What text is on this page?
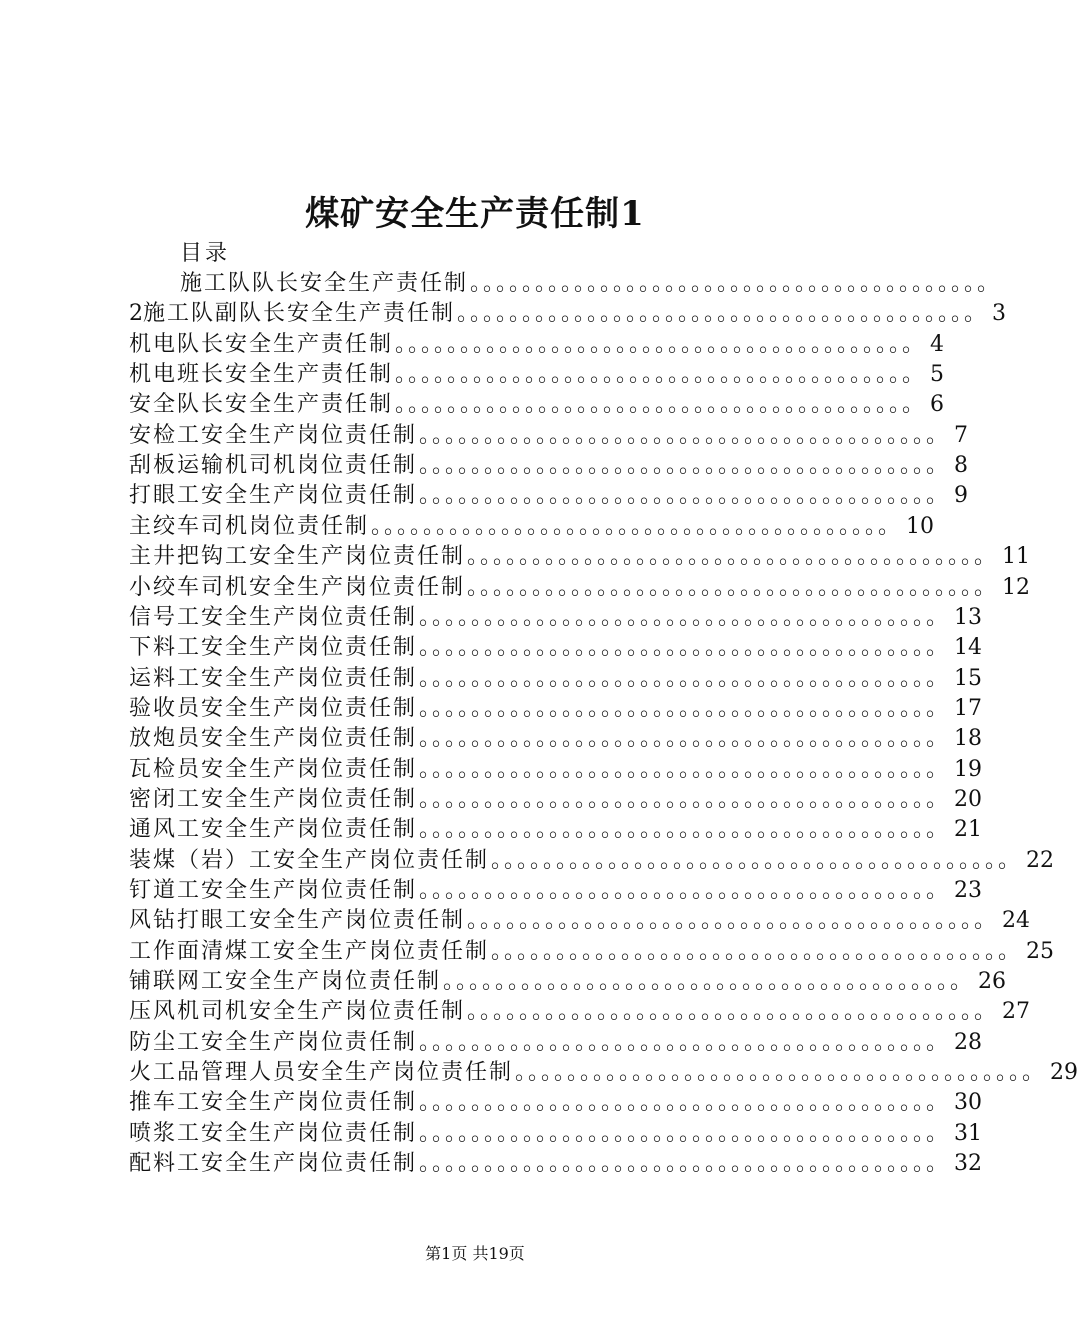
煤矿安全生产责任制1
目录
施工队队长安全生产责任制 。。。。。。。。。。。。。。。。。。。。。。。。。。。。。。。。。。。。。。。。
2 施工队副队长安全生产责任制 。。。。。。。。。。。。。。。。。。。。。。。。。。。。。。。。。。。。。。。。 3
机电队长安全生产责任制 。。。。。。。。。。。。。。。。。。。。。。。。。。。。。。。。。。。。。。。。 4
机电班长安全生产责任制 。。。。。。。。。。。。。。。。。。。。。。。。。。。。。。。。。。。。。。。。 5
安全队长安全生产责任制 。。。。。。。。。。。。。。。。。。。。。。。。。。。。。。。。。。。。。。。。 6
安检工安全生产岗位责任制 。。。。。。。。。。。。。。。。。。。。。。。。。。。。。。。。。。。。。。。。 7
刮板运输机司机岗位责任制 。。。。。。。。。。。。。。。。。。。。。。。。。。。。。。。。。。。。。。。。 8
打眼工安全生产岗位责任制 。。。。。。。。。。。。。。。。。。。。。。。。。。。。。。。。。。。。。。。。 9
主绞车司机岗位责任制 。。。。。。。。。。。。。。。。。。。。。。。。。。。。。。。。。。。。。。。。 10
主井把钩工安全生产岗位责任制 。。。。。。。。。。。。。。。。。。。。。。。。。。。。。。。。。。。。。。。。 11
小绞车司机安全生产岗位责任制 。。。。。。。。。。。。。。。。。。。。。。。。。。。。。。。。。。。。。。。。 12
信号工安全生产岗位责任制 。。。。。。。。。。。。。。。。。。。。。。。。。。。。。。。。。。。。。。。。 13
下料工安全生产岗位责任制 。。。。。。。。。。。。。。。。。。。。。。。。。。。。。。。。。。。。。。。。 14
运料工安全生产岗位责任制 。。。。。。。。。。。。。。。。。。。。。。。。。。。。。。。。。。。。。。。。 15
验收员安全生产岗位责任制 。。。。。。。。。。。。。。。。。。。。。。。。。。。。。。。。。。。。。。。。 17
放炮员安全生产岗位责任制 。。。。。。。。。。。。。。。。。。。。。。。。。。。。。。。。。。。。。。。。 18
瓦检员安全生产岗位责任制 。。。。。。。。。。。。。。。。。。。。。。。。。。。。。。。。。。。。。。。。 19
密闭工安全生产岗位责任制 。。。。。。。。。。。。。。。。。。。。。。。。。。。。。。。。。。。。。。。。 20
通风工安全生产岗位责任制 。。。。。。。。。。。。。。。。。。。。。。。。。。。。。。。。。。。。。。。。 21
装煤（岩）工安全生产岗位责任制 。。。。。。。。。。。。。。。。。。。。。。。。。。。。。。。。。。。。。。。。 22
钉道工安全生产岗位责任制 。。。。。。。。。。。。。。。。。。。。。。。。。。。。。。。。。。。。。。。。 23
风钻打眼工安全生产岗位责任制 。。。。。。。。。。。。。。。。。。。。。。。。。。。。。。。。。。。。。。。。 24
工作面清煤工安全生产岗位责任制 。。。。。。。。。。。。。。。。。。。。。。。。。。。。。。。。。。。。。。。。 25
铺联网工安全生产岗位责任制 。。。。。。。。。。。。。。。。。。。。。。。。。。。。。。。。。。。。。。。。 26
压风机司机安全生产岗位责任制 。。。。。。。。。。。。。。。。。。。。。。。。。。。。。。。。。。。。。。。。 27
防尘工安全生产岗位责任制 。。。。。。。。。。。。。。。。。。。。。。。。。。。。。。。。。。。。。。。。 28
火工品管理人员安全生产岗位责任制 。。。。。。。。。。。。。。。。。。。。。。。。。。。。。。。。。。。。。。。。 29
推车工安全生产岗位责任制 。。。。。。。。。。。。。。。。。。。。。。。。。。。。。。。。。。。。。。。。 30
喷浆工安全生产岗位责任制 。。。。。。。。。。。。。。。。。。。。。。。。。。。。。。。。。。。。。。。。 31
配料工安全生产岗位责任制 。。。。。。。。。。。。。。。。。。。。。。。。。。。。。。。。。。。。。。。。 32
第1页 共19页
